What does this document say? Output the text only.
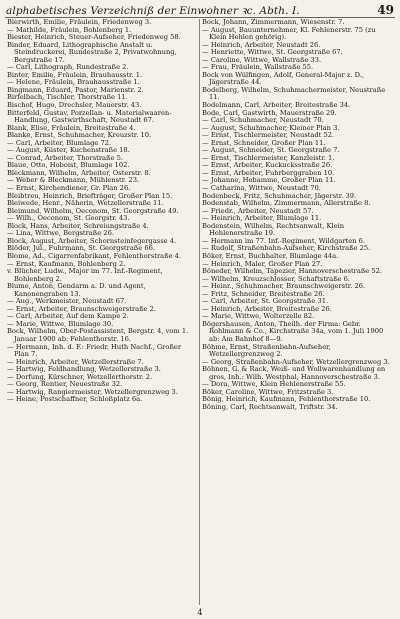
alphabetisches Verzeichniß der Einwohner ꝛc. Abth. I.	49
Bierwirth, Emilie, Fräulein, Friedenweg 3.
— Mathilde, Fräulein, Bohlenberg 1.
Biester, Heinrich, Steuer-Aufseher, Friedenweg 58.
Binder, Eduard, Lithographische Anstalt u. Steindruckerei, Rundestraße 2, Privatwohnung, Bergstraße 17.
— Carl, Lithograph, Rundestraße 2.
Binter, Emilie, Fräulein, Brauhausstr. 1.
— Helene, Fräulein, Brauhausstraße 1.
Bingmann, Eduard, Pastor, Marienstr. 2.
Birfelbach, Tischler, Thorstraße 11.
Bischof, Hugo, Drechsler, Mauerstr. 43.
Bitterfeld, Gustav, Porzellan- u. Materialwaaren-Handlung, Gastwirthschaft, Neustadt 67.
Blank, Elise, Fräulein, Breitestraße 4.
Blanke, Ernst, Schuhmacher, Kreuzstr. 10.
— Carl, Arbeiter, Blumlage 72.
— August, Küster, Kuchenstraße 18.
— Conrad, Arbeiter, Thorstraße 5.
Blaue, Otto, Hoboist, Blumlage 102.
Bleckmann, Wilhelm, Arbeiter, Osterstr. 8.
— Weber & Bleckmann, Mühlenstr. 23.
— Ernst, Kirchendiener, Gr. Plan 26.
Bleibtreu, Heinrich, Briefträger, Großer Plan 15.
Bleiwede, Henr., Näherin, Wetzellerstraße 11.
Bleimund, Wilhelm, Oeconom, St. Georgstraße 49.
— Wilh., Oeconom, St. Georgstr. 43.
Block, Hans, Arbeiter, Schreiungstraße 4.
— Lina, Wittwe, Bergstraße 26.
Block, August, Arbeiter, Schornsteinfegergasse 4.
Blöder, Jul., Fuhrmann, St. Georgstraße 66.
Blome, Ad., Cigarrenfabrikant, Fehlenthorstraße 4.
— Ernst, Kaufmann, Bohlenberg 2.
v. Blücher, Ludw., Major im 77. Inf.-Regiment, Bohlenberg 2.
Blume, Anton, Gendarm a. D. und Agent, Kanonengraben 13.
— Aug., Werkmeister, Neustadt 67.
— Ernst, Arbeiter, Braunschweigerstraße 2.
— Carl, Arbeiter, Auf dem Kampe 2.
— Marie, Wittwe, Blumlage 30.
Bock, Wilhelm, Ober-Postassistent, Bergstr. 4, vom 1. Januar 1900 ab: Fehlenthorstr. 16.
— Hermann, Inh. d. F.: Friedr. Huth Nachf., Großer Plan 7.
— Heinrich, Arbeiter, Wetzellerstraße 7.
— Hartwig, Feldhandlung, Wetzellerstraße 3.
— Dorfung, Kürschner, Wetzellerthorstr. 2.
— Georg, Rentier, Neuestraße 32.
— Hartwig, Rangiermeister, Wetzellergrenzweg 3.
— Heine, Postschaffner, Schloßplatz 6a.
Bock, Johann, Zimmermann, Wiesenstr. 7.
— August, Bauunternehmer, Kl. Fehlenerstr. 75 (zu Klein Hehlen gehörig).
— Heinrich, Arbeiter, Neustadt 26.
— Henriette, Wittwe, St. Georgstraße 67.
— Caroline, Wittwe, Wallstraße 33.
— Frau, Fräulein, Wallstraße 55.
Bock von Wülfingen, Adolf, General-Major z. D., Jägerstraße 44.
Bodelberg, Wilhelm, Schuhmachermeister, Neustraße 11.
Bodelmann, Carl, Arbeiter, Breitestraße 34.
Bode, Carl, Gastwirth, Mauerstraße 29.
— Carl, Schuhmacher, Neustadt 70.
— August, Schuhmacher, Kleiner Plan 3.
— Ernst, Tischlermeister, Neustadt 52.
— Ernst, Schneider, Großer Plan 11.
— August, Schneider, St. Georgstraße 7.
— Ernst, Tischlermeister, Kanzleistr. 1.
— Ernst, Arbeiter, Kuckucksstraße 26.
— Ernst, Arbeiter, Fuhrberggraben 10.
— Johanne, Hebamme, Großer Plan 11.
— Catharina, Wittwe, Neustadt 70.
Bodenbeck, Fritz, Schuhmacher, Jägerstr. 39.
Bodenstab, Wilhelm, Zimmermann, Allerstraße 8.
— Friedr., Arbeiter, Neustadt 57.
— Heinrich, Arbeiter, Blumlage 11.
Bodenstein, Wilhelm, Rechtsanwalt, Klein Hehlenerstraße 19.
— Hermann im 77. Inf.-Regiment, Wildgarten 6.
— Rudolf, Straßenbahn-Aufseher, Kirchstraße 25.
Böker, Ernst, Buchhalter, Blumlage 44a.
— Heinrich, Maler, Großer Plan 27.
Böneder, Wilhelm, Tapezier, Hannoverschestraße 52.
— Wilhelm, Kreuzschlosser, Schaftstraße 6.
— Heinr., Schuhmacher, Braunschweigerstr. 26.
— Fritz, Schneider, Breitestraße 26.
— Carl, Arbeiter, St. Georgstraße 31.
— Heinrich, Arbeiter, Breitestraße 26.
— Marie, Wittwe, Wolterzelle 82.
Bögershausen, Anton, Theilh. der Firma: Gebr. Rohlmann & Co., Kirchstraße 34a, vom 1. Juli 1900 ab: Am Bahnhof 8—9.
Böhme, Ernst, Straßenbahn-Aufseher, Wetzellergrenzweg 2.
— Georg, Straßenbahn-Aufseher, Wetzellergrenzweg 3.
Böhnen, G. & Rack, Weiß- und Wollwarenhandlung en gros, Inh.: Wilh. Westphal, Hannoverschestraße 3.
— Dora, Wittwe, Klein Hehlenerstraße 55.
Böker, Caroline, Wittwe, Fritzstraße 3.
Bönig, Heinrich, Kaufmann, Fehlenthorstraße 10.
Böning, Carl, Rechtsanwalt, Triftstr. 34.
4
